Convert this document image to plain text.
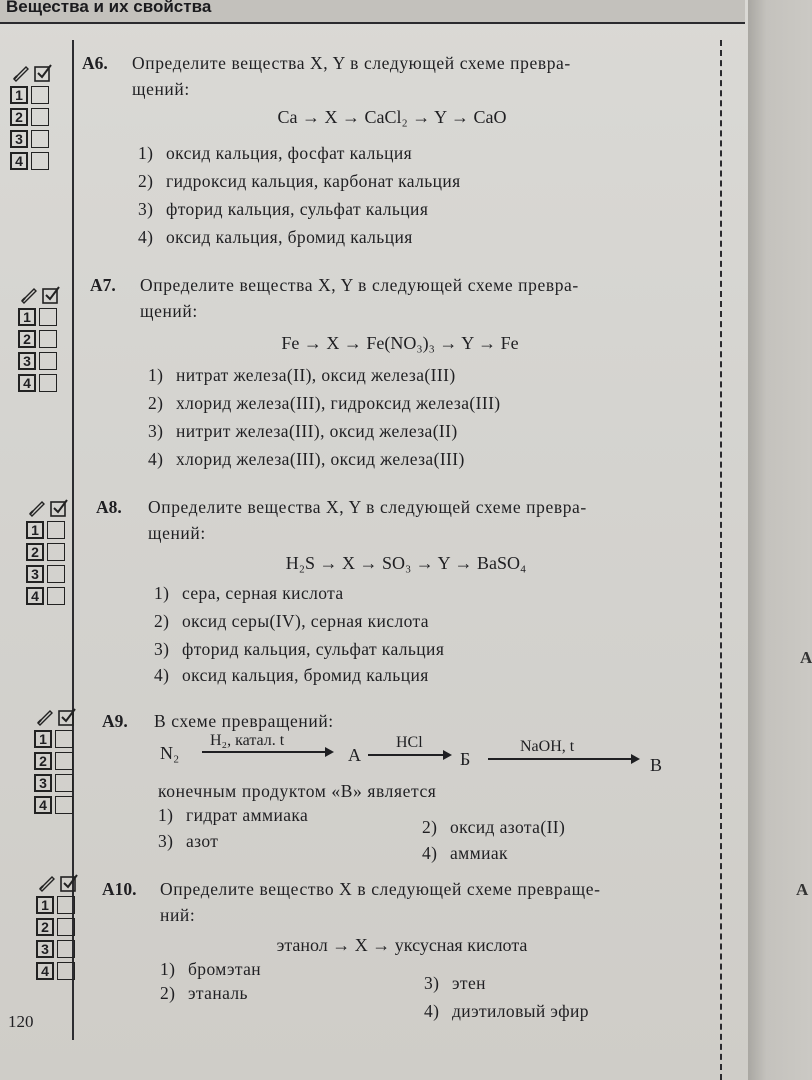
A
A
Вещества и их свойства
1
2
3
4
1
2
3
4
1
2
3
4
1
2
3
4
1
2
3
4
А6. Определите вещества X, Y в следующей схеме превра-
щений:
Ca → X → CaCl₂ → Y → CaO
1) оксид кальция, фосфат кальция
2) гидроксид кальция, карбонат кальция
3) фторид кальция, сульфат кальция
4) оксид кальция, бромид кальция
А7. Определите вещества X, Y в следующей схеме превра-
щений:
Fe → X → Fe(NO₃)₃ → Y → Fe
1) нитрат железа(II), оксид железа(III)
2) хлорид железа(III), гидроксид железа(III)
3) нитрит железа(III), оксид железа(II)
4) хлорид железа(III), оксид железа(III)
А8. Определите вещества X, Y в следующей схеме превра-
щений:
H₂S → X → SO₃ → Y → BaSO₄
1) сера, серная кислота
2) оксид серы(IV), серная кислота
3) фторид кальция, сульфат кальция
4) оксид кальция, бромид кальция
А9. В схеме превращений:
N₂
H₂, катал. t
А
HCl
Б
NaOH, t
В
конечным продуктом «В» является
1) гидрат аммиака
2) оксид азота(II)
3) азот
4) аммиак
А10. Определите вещество X в следующей схеме превраще-
ний:
этанол → X → уксусная кислота
1) бромэтан
3) этен
2) этаналь
4) диэтиловый эфир
120
